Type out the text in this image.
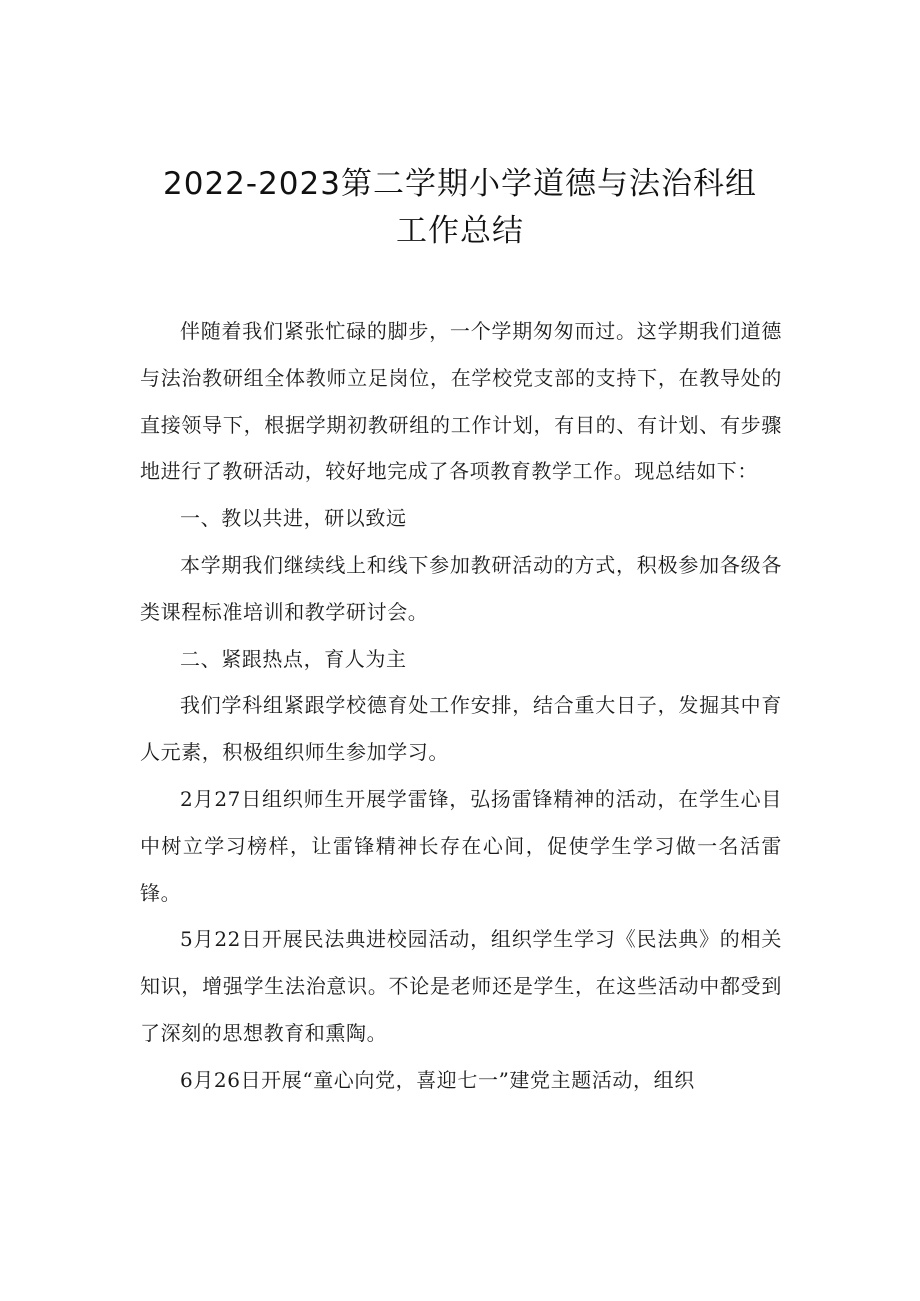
2022-2023第二学期小学道德与法治科组
工作总结

伴随着我们紧张忙碌的脚步，一个学期匆匆而过。这学期我们道德与法治教研组全体教师立足岗位，在学校党支部的支持下，在教导处的直接领导下，根据学期初教研组的工作计划，有目的、有计划、有步骤地进行了教研活动，较好地完成了各项教育教学工作。现总结如下：

一、教以共进，研以致远

本学期我们继续线上和线下参加教研活动的方式，积极参加各级各类课程标准培训和教学研讨会。

二、紧跟热点，育人为主

我们学科组紧跟学校德育处工作安排，结合重大日子，发掘其中育人元素，积极组织师生参加学习。

2月27日组织师生开展学雷锋，弘扬雷锋精神的活动，在学生心目中树立学习榜样，让雷锋精神长存在心间，促使学生学习做一名活雷锋。

5月22日开展民法典进校园活动，组织学生学习《民法典》的相关知识，增强学生法治意识。不论是老师还是学生，在这些活动中都受到了深刻的思想教育和熏陶。

6月26日开展“童心向党，喜迎七一”建党主题活动，组织
